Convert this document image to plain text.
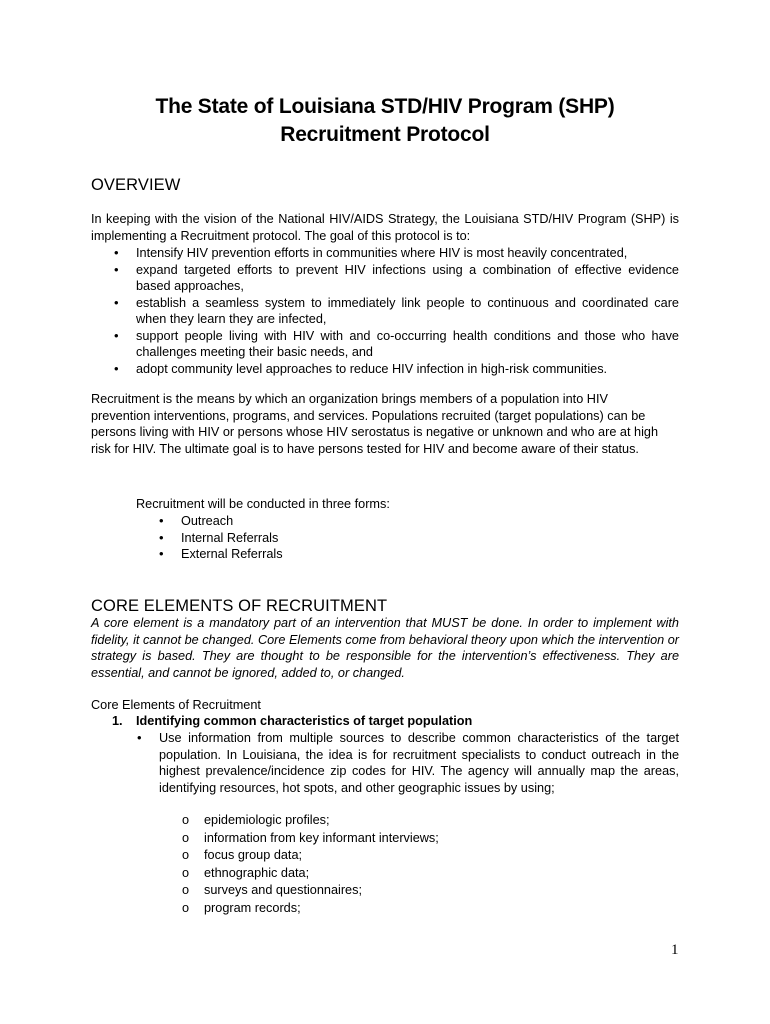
The State of Louisiana STD/HIV Program (SHP)
Recruitment Protocol
OVERVIEW
In keeping with the vision of the National HIV/AIDS Strategy, the Louisiana STD/HIV Program (SHP) is implementing a Recruitment protocol. The goal of this protocol is to:
• Intensify HIV prevention efforts in communities where HIV is most heavily concentrated,
• expand targeted efforts to prevent HIV infections using a combination of effective evidence based approaches,
• establish a seamless system to immediately link people to continuous and coordinated care when they learn they are infected,
• support people living with HIV with and co-occurring health conditions and those who have challenges meeting their basic needs, and
• adopt community level approaches to reduce HIV infection in high-risk communities.
Recruitment is the means by which an organization brings members of a population into HIV prevention interventions, programs, and services. Populations recruited (target populations) can be persons living with HIV or persons whose HIV serostatus is negative or unknown and who are at high risk for HIV. The ultimate goal is to have persons tested for HIV and become aware of their status.
Recruitment will be conducted in three forms:
• Outreach
• Internal Referrals
• External Referrals
CORE ELEMENTS OF RECRUITMENT
A core element is a mandatory part of an intervention that MUST be done. In order to implement with fidelity, it cannot be changed. Core Elements come from behavioral theory upon which the intervention or strategy is based. They are thought to be responsible for the intervention’s effectiveness. They are essential, and cannot be ignored, added to, or changed.
Core Elements of Recruitment
1. Identifying common characteristics of target population
• Use information from multiple sources to describe common characteristics of the target population. In Louisiana, the idea is for recruitment specialists to conduct outreach in the highest prevalence/incidence zip codes for HIV. The agency will annually map the areas, identifying resources, hot spots, and other geographic issues by using;
o epidemiologic profiles;
o information from key informant interviews;
o focus group data;
o ethnographic data;
o surveys and questionnaires;
o program records;
1
